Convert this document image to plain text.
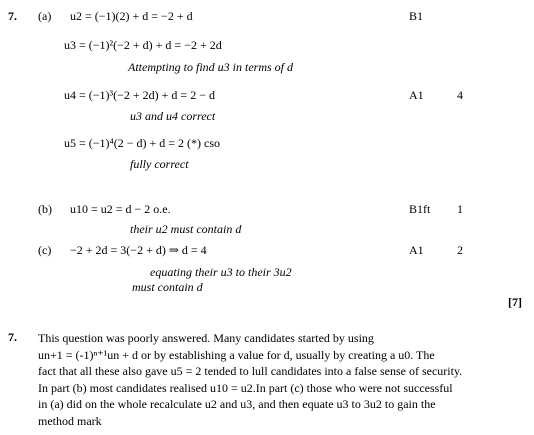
7. (a) u2 = (−1)(2) + d = −2 + d	B1
u3 = (−1)²(−2 + d) + d = −2 + 2d
Attempting to find u3 in terms of d
u4 = (−1)³(−2 + 2d) + d = 2 − d	A1	4
u3 and u4 correct
u5 = (−1)⁴(2 − d) + d = 2 (*) cso
fully correct
(b) u10 = u2 = d − 2 o.e.	B1ft 1
their u2 must contain d
(c) −2 + 2d = 3(−2 + d) ⇒ d = 4	A1	2
equating their u3 to their 3u2
must contain d
[7]
7. This question was poorly answered. Many candidates started by using
un+1 = (-1)ⁿ⁺¹un + d or by establishing a value for d, usually by creating a u0. The
fact that all these also gave u5 = 2 tended to lull candidates into a false sense of security.
In part (b) most candidates realised u10 = u2.In part (c) those who were not successful
in (a) did on the whole recalculate u2 and u3, and then equate u3 to 3u2 to gain the
method mark
